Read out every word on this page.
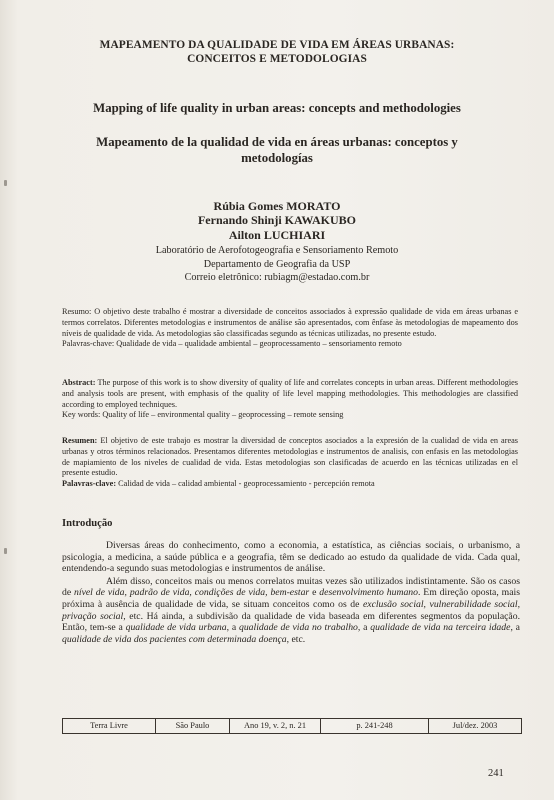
MAPEAMENTO DA QUALIDADE DE VIDA EM ÁREAS URBANAS:
CONCEITOS E METODOLOGIAS
Mapping of life quality in urban areas: concepts and methodologies
Mapeamento de la qualidad de vida en áreas urbanas: conceptos y
metodologías
Rúbia Gomes MORATO
Fernando Shinji KAWAKUBO
Ailton LUCHIARI
Laboratório de Aerofotogeografia e Sensoriamento Remoto
Departamento de Geografia da USP
Correio eletrônico: rubiagm@estadao.com.br

Resumo: O objetivo deste trabalho é mostrar a diversidade de conceitos associados à expressão qualidade de vida em áreas urbanas e termos correlatos. Diferentes metodologias e instrumentos de análise são apresentados, com ênfase às metodologias de mapeamento dos níveis de qualidade de vida. As metodologias são classificadas segundo as técnicas utilizadas, no presente estudo.

Palavras-chave: Qualidade de vida – qualidade ambiental – geoprocessamento – sensoriamento remoto

Abstract: The purpose of this work is to show diversity of quality of life and correlates concepts in urban areas. Different methodologies and analysis tools are present, with emphasis of the quality of life level mapping methodologies. This methodologies are classified according to employed techniques.

Key words: Quality of life – environmental quality – geoprocessing – remote sensing

Resumen: El objetivo de este trabajo es mostrar la diversidad de conceptos asociados a la expresión de la cualidad de vida en areas urbanas y otros términos relacionados. Presentamos diferentes metodologias e instrumentos de analisis, con enfasis en las metodologias de mapiamiento de los niveles de cualidad de vida. Estas metodologias son clasificadas de acuerdo en las técnicas utilizadas en el presente estudio.

Palavras-clave: Calidad de vida – calidad ambiental - geoprocessamiento - percepción remota

Introdução

Diversas áreas do conhecimento, como a economia, a estatística, as ciências sociais, o urbanismo, a psicologia, a medicina, a saúde pública e a geografia, têm se dedicado ao estudo da qualidade de vida. Cada qual, entendendo-a segundo suas metodologias e instrumentos de análise.

Além disso, conceitos mais ou menos correlatos muitas vezes são utilizados indistintamente. São os casos de nível de vida, padrão de vida, condições de vida, bem-estar e desenvolvimento humano. Em direção oposta, mais próxima à ausência de qualidade de vida, se situam conceitos como os de exclusão social, vulnerabilidade social, privação social, etc. Há ainda, a subdivisão da qualidade de vida baseada em diferentes segmentos da população. Então, tem-se a qualidade de vida urbana, a qualidade de vida no trabalho, a qualidade de vida na terceira idade, a qualidade de vida dos pacientes com determinada doença, etc.

Terra Livre	São Paulo	Ano 19, v. 2, n. 21	p. 241-248	Jul/dez. 2003
241
